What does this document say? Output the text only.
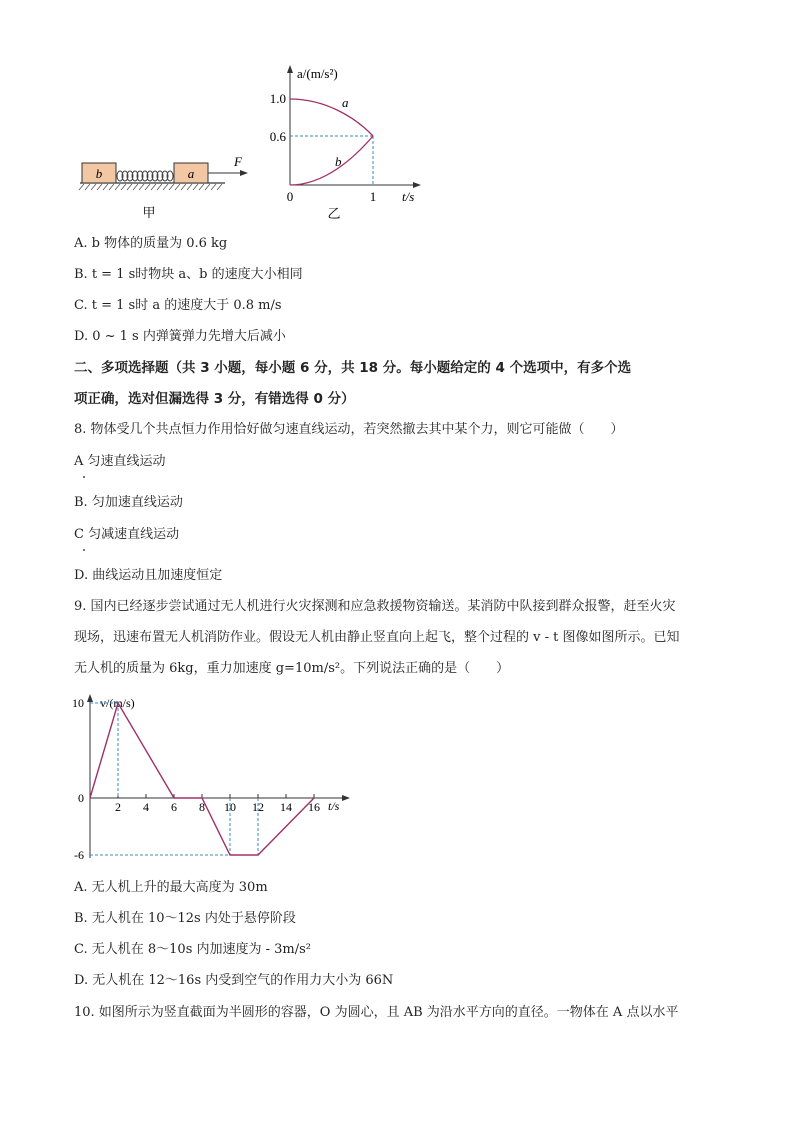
b	a
F
甲
a/(m/s²)
1.0
0.6
0	1 t/s
a
b
乙
A. b 物体的质量为 0.6 kg
B. t = 1 s时物块 a、b 的速度大小相同
C. t = 1 s时 a 的速度大于 0.8 m/s
D. 0 ~ 1 s 内弹簧弹力先增大后减小
二、多项选择题（共 3 小题，每小题 6 分，共 18 分。每小题给定的 4 个选项中，有多个选
项正确，选对但漏选得 3 分，有错选得 0 分）
8. 物体受几个共点恒力作用恰好做匀速直线运动，若突然撤去其中某个力，则它可能做（　　）
A 匀速直线运动
B. 匀加速直线运动
C 匀减速直线运动
D. 曲线运动且加速度恒定
9. 国内已经逐步尝试通过无人机进行火灾探测和应急救援物资输送。某消防中队接到群众报警，赶至火灾
现场，迅速布置无人机消防作业。假设无人机由静止竖直向上起飞，整个过程的 v - t 图像如图所示。已知
无人机的质量为 6kg，重力加速度 g=10m/s²。下列说法正确的是（　　）
v/(m/s)
t/s
2 4 6 8 10 12 14 16
10
0
-6
A. 无人机上升的最大高度为 30m
B. 无人机在 10～12s 内处于悬停阶段
C. 无人机在 8～10s 内加速度为 - 3m/s²
D. 无人机在 12～16s 内受到空气的作用力大小为 66N
10. 如图所示为竖直截面为半圆形的容器，O 为圆心，且 AB 为沿水平方向的直径。一物体在 A 点以水平
